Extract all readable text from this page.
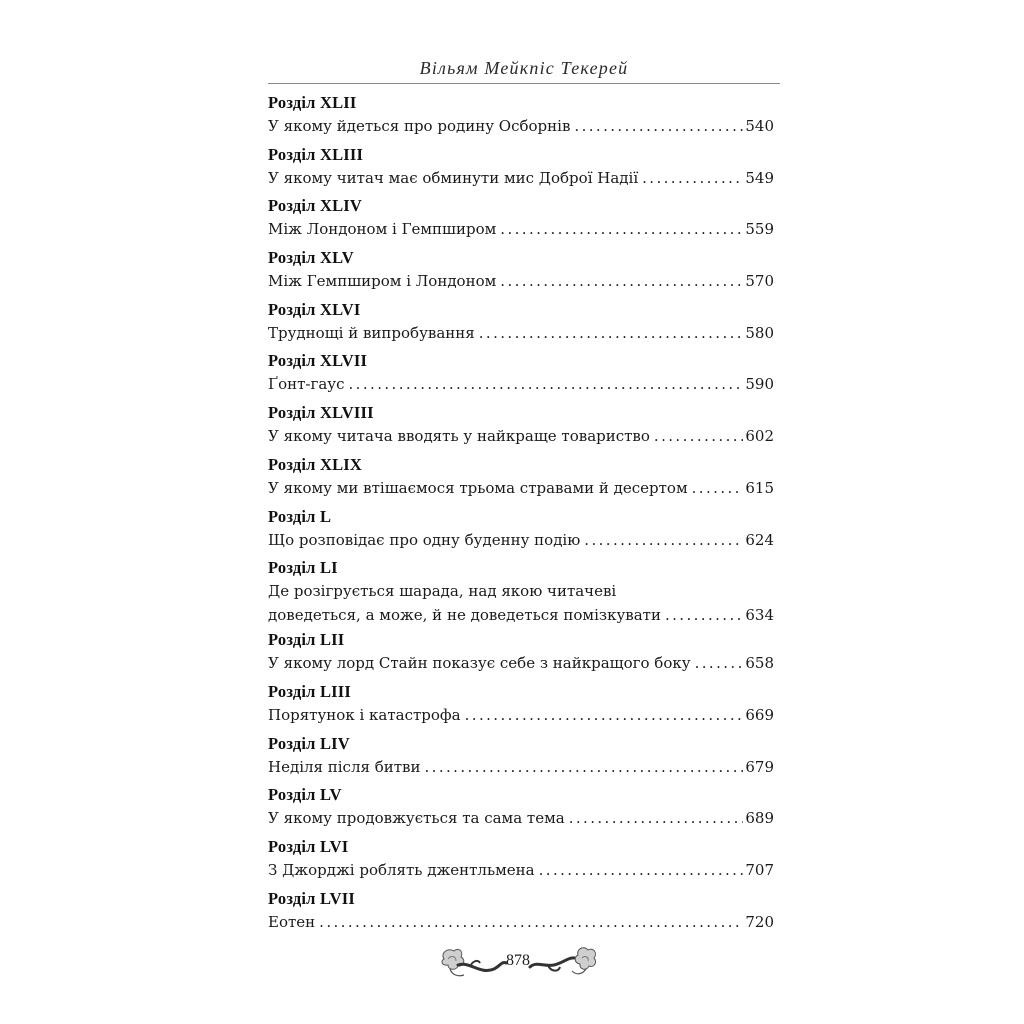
Вільям Мейкпіс Текерей
Розділ XLII
У якому йдеться про родину Осборнів .....	540
Розділ XLIII
У якому читач має обминути мис Доброї Надії .....	549
Розділ XLIV
Між Лондоном і Гемпширом .....	559
Розділ XLV
Між Гемпширом і Лондоном .....	570
Розділ XLVI
Труднощі й випробування .....	580
Розділ XLVII
Ґонт-гаус .....	590
Розділ XLVIII
У якому читача вводять у найкраще товариство .....	602
Розділ XLIX
У якому ми втішаємося трьома стравами й десертом .....	615
Розділ L
Що розповідає про одну буденну подію .....	624
Розділ LI
Де розігрується шарада, над якою читачеві
доведеться, а може, й не доведеться помізкувати .....	634
Розділ LII
У якому лорд Стайн показує себе з найкращого боку .....	658
Розділ LIII
Порятунок і катастрофа .....	669
Розділ LIV
Неділя після битви .....	679
Розділ LV
У якому продовжується та сама тема .....	689
Розділ LVI
З Джорджі роблять джентльмена .....	707
Розділ LVII
Еотен .....	720
878
